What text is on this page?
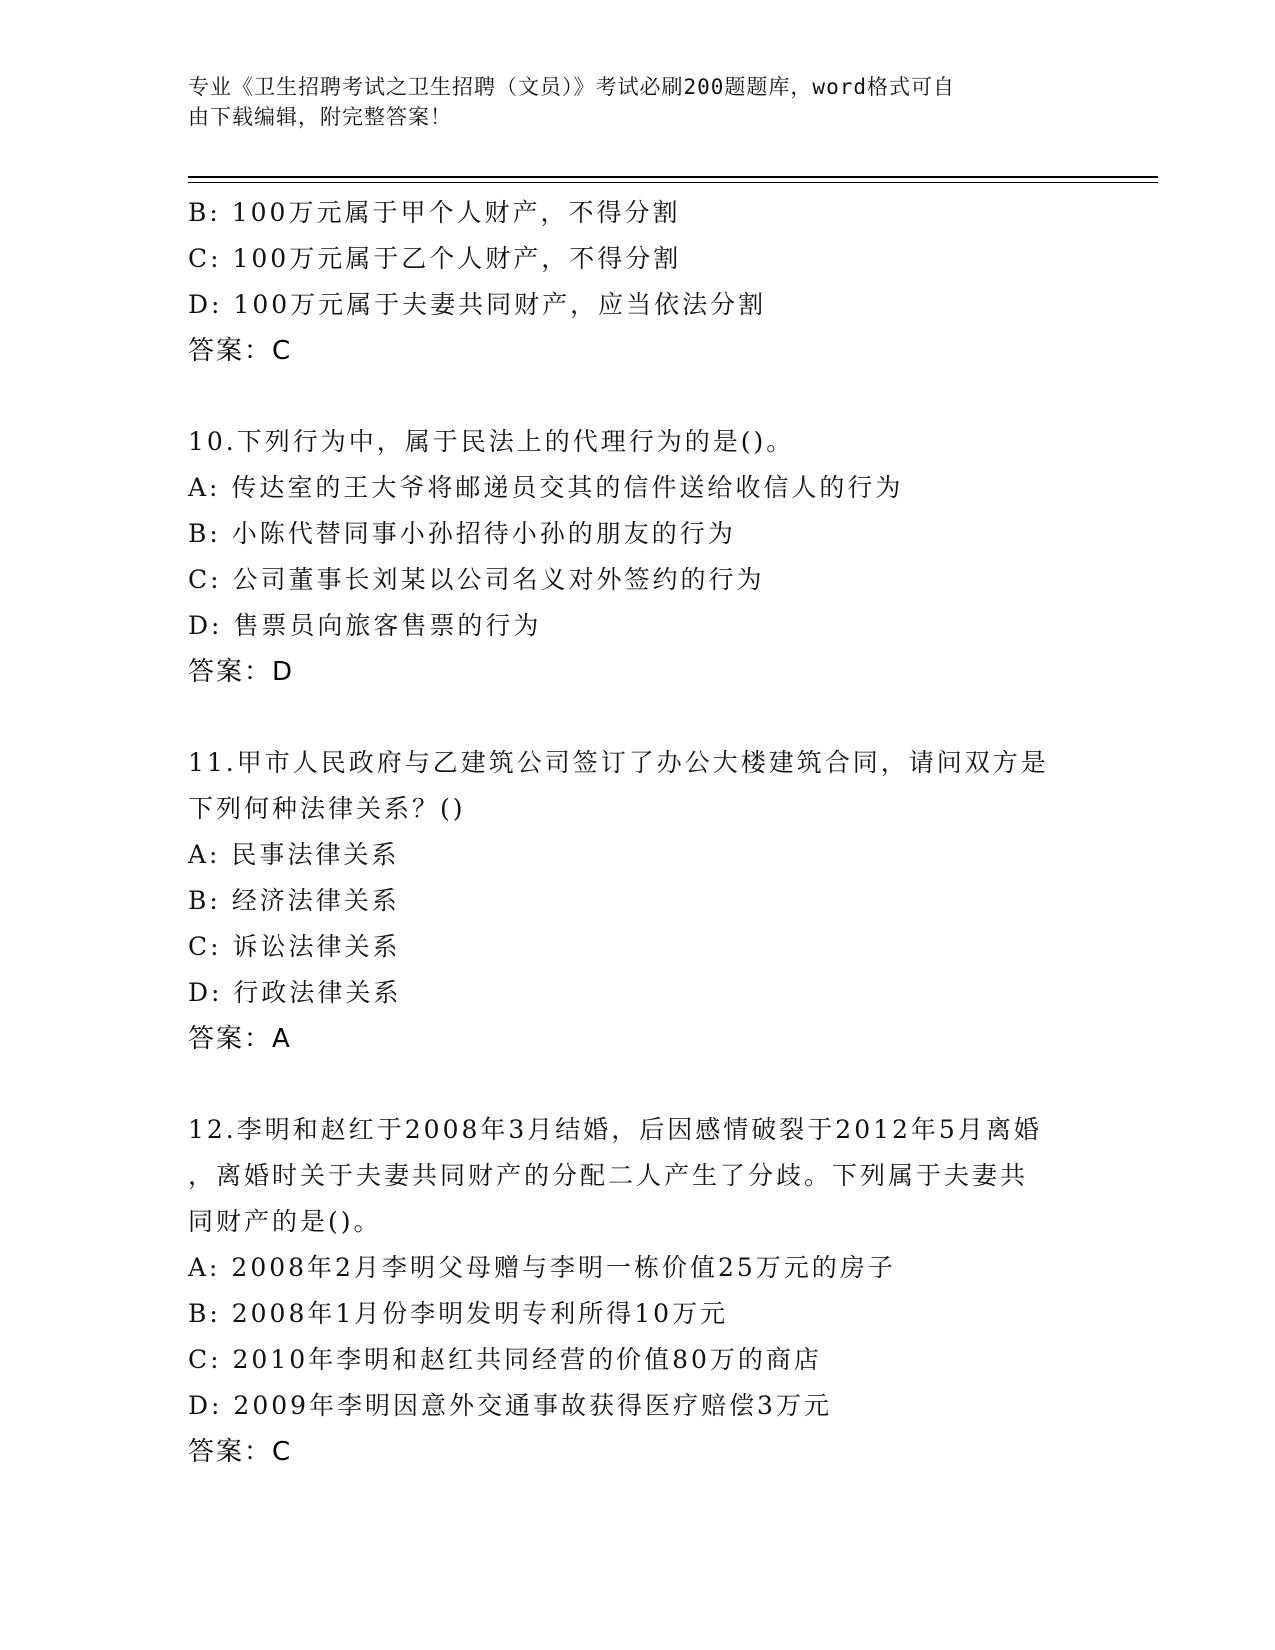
专业《卫生招聘考试之卫生招聘（文员）》考试必刷200题题库，word格式可自
由下载编辑，附完整答案！
B: 100万元属于甲个人财产，不得分割
C: 100万元属于乙个人财产，不得分割
D: 100万元属于夫妻共同财产，应当依法分割
答案：C
10.下列行为中，属于民法上的代理行为的是()。
A: 传达室的王大爷将邮递员交其的信件送给收信人的行为
B: 小陈代替同事小孙招待小孙的朋友的行为
C: 公司董事长刘某以公司名义对外签约的行为
D: 售票员向旅客售票的行为
答案：D
11.甲市人民政府与乙建筑公司签订了办公大楼建筑合同，请问双方是
下列何种法律关系？()
A: 民事法律关系
B: 经济法律关系
C: 诉讼法律关系
D: 行政法律关系
答案：A
12.李明和赵红于2008年3月结婚，后因感情破裂于2012年5月离婚
，离婚时关于夫妻共同财产的分配二人产生了分歧。下列属于夫妻共
同财产的是()。
A: 2008年2月李明父母赠与李明一栋价值25万元的房子
B: 2008年1月份李明发明专利所得10万元
C: 2010年李明和赵红共同经营的价值80万的商店
D: 2009年李明因意外交通事故获得医疗赔偿3万元
答案：C
